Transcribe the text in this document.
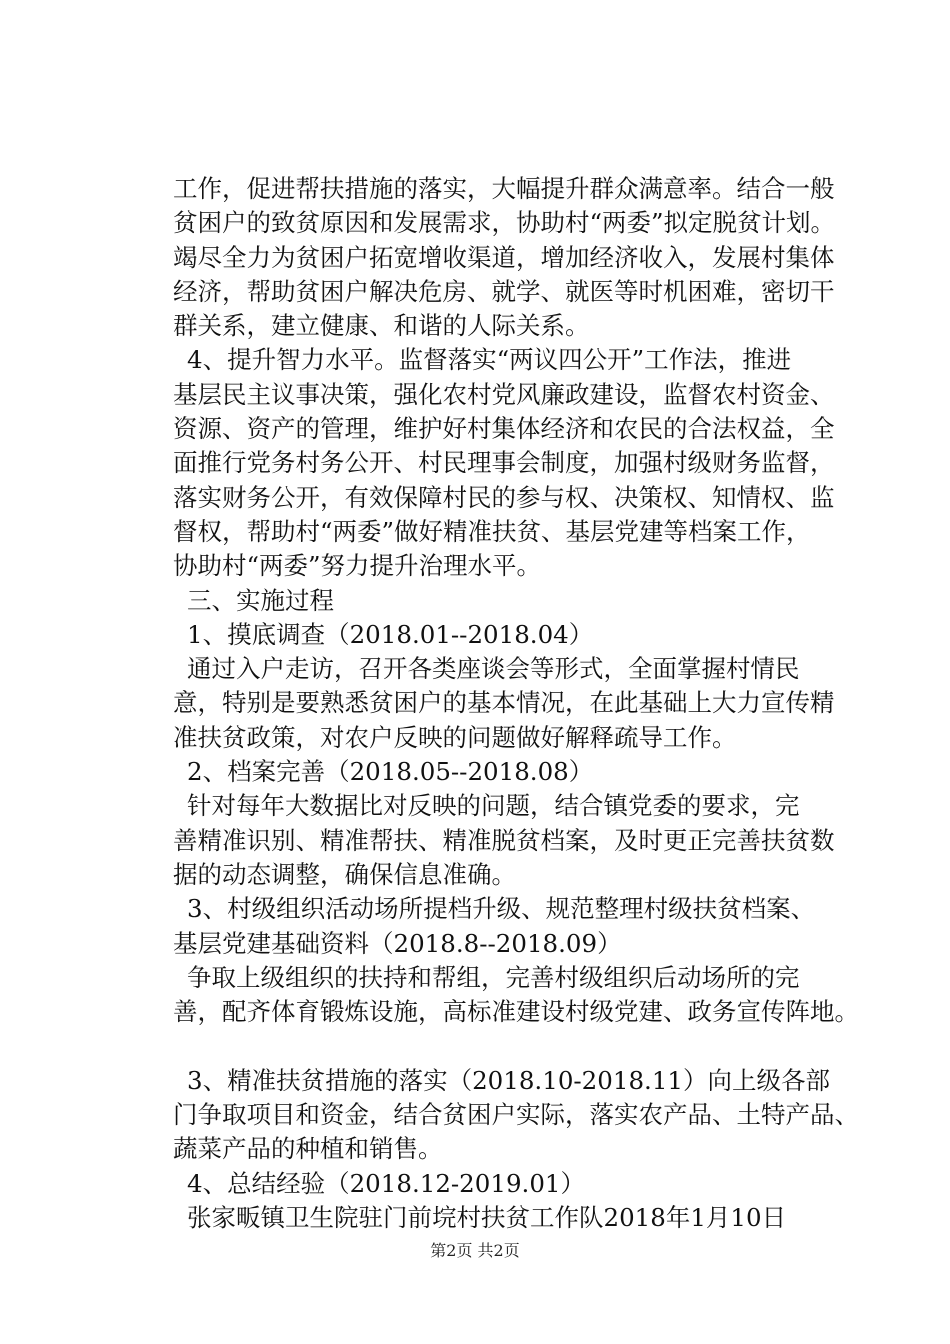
工作，促进帮扶措施的落实，大幅提升群众满意率。结合一般
贫困户的致贫原因和发展需求，协助村“两委”拟定脱贫计划。
竭尽全力为贫困户拓宽增收渠道，增加经济收入，发展村集体
经济，帮助贫困户解决危房、就学、就医等时机困难，密切干
群关系，建立健康、和谐的人际关系。
4、提升智力水平。监督落实“两议四公开”工作法，推进
基层民主议事决策，强化农村党风廉政建设，监督农村资金、
资源、资产的管理，维护好村集体经济和农民的合法权益，全
面推行党务村务公开、村民理事会制度，加强村级财务监督，
落实财务公开，有效保障村民的参与权、决策权、知情权、监
督权，帮助村“两委”做好精准扶贫、基层党建等档案工作，
协助村“两委”努力提升治理水平。
三、实施过程
1、摸底调查（2018.01--2018.04）
通过入户走访，召开各类座谈会等形式，全面掌握村情民
意，特别是要熟悉贫困户的基本情况，在此基础上大力宣传精
准扶贫政策，对农户反映的问题做好解释疏导工作。
2、档案完善（2018.05--2018.08）
针对每年大数据比对反映的问题，结合镇党委的要求，完
善精准识别、精准帮扶、精准脱贫档案，及时更正完善扶贫数
据的动态调整，确保信息准确。
3、村级组织活动场所提档升级、规范整理村级扶贫档案、
基层党建基础资料（2018.8--2018.09）
争取上级组织的扶持和帮组，完善村级组织后动场所的完
善，配齐体育锻炼设施，高标准建设村级党建、政务宣传阵地。
3、精准扶贫措施的落实（2018.10-2018.11）向上级各部
门争取项目和资金，结合贫困户实际，落实农产品、土特产品、
蔬菜产品的种植和销售。
4、总结经验（2018.12-2019.01）
张家畈镇卫生院驻门前垸村扶贫工作队2018年1月10日
第2页 共2页
